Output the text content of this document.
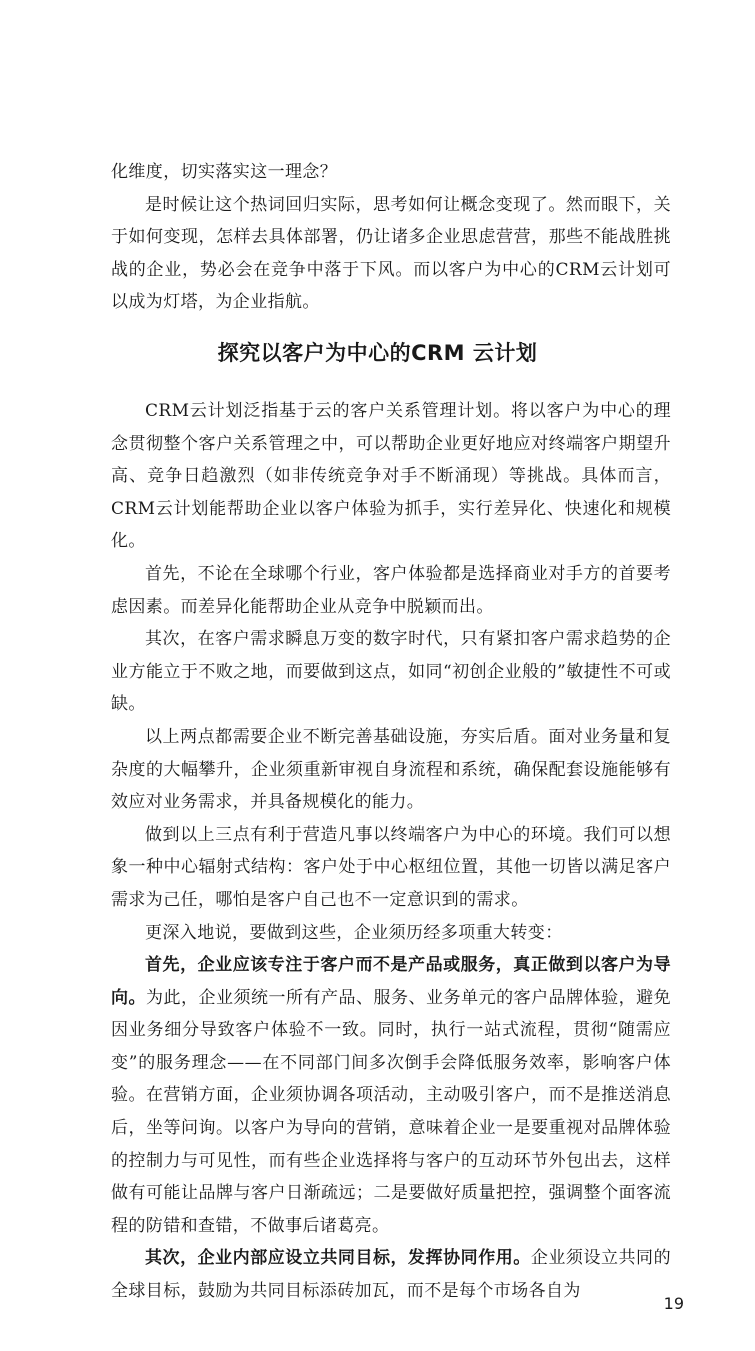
化维度，切实落实这一理念？

是时候让这个热词回归实际，思考如何让概念变现了。然而眼下，关于如何变现，怎样去具体部署，仍让诸多企业思虑营营，那些不能战胜挑战的企业，势必会在竞争中落于下风。而以客户为中心的CRM云计划可以成为灯塔，为企业指航。

探究以客户为中心的CRM 云计划

CRM云计划泛指基于云的客户关系管理计划。将以客户为中心的理念贯彻整个客户关系管理之中，可以帮助企业更好地应对终端客户期望升高、竞争日趋激烈（如非传统竞争对手不断涌现）等挑战。具体而言，CRM云计划能帮助企业以客户体验为抓手，实行差异化、快速化和规模化。

首先，不论在全球哪个行业，客户体验都是选择商业对手方的首要考虑因素。而差异化能帮助企业从竞争中脱颖而出。

其次，在客户需求瞬息万变的数字时代，只有紧扣客户需求趋势的企业方能立于不败之地，而要做到这点，如同“初创企业般的”敏捷性不可或缺。

以上两点都需要企业不断完善基础设施，夯实后盾。面对业务量和复杂度的大幅攀升，企业须重新审视自身流程和系统，确保配套设施能够有效应对业务需求，并具备规模化的能力。

做到以上三点有利于营造凡事以终端客户为中心的环境。我们可以想象一种中心辐射式结构：客户处于中心枢纽位置，其他一切皆以满足客户需求为己任，哪怕是客户自己也不一定意识到的需求。

更深入地说，要做到这些，企业须历经多项重大转变：

首先，企业应该专注于客户而不是产品或服务，真正做到以客户为导向。为此，企业须统一所有产品、服务、业务单元的客户品牌体验，避免因业务细分导致客户体验不一致。同时，执行一站式流程，贯彻“随需应变”的服务理念——在不同部门间多次倒手会降低服务效率，影响客户体验。在营销方面，企业须协调各项活动，主动吸引客户，而不是推送消息后，坐等问询。以客户为导向的营销，意味着企业一是要重视对品牌体验的控制力与可见性，而有些企业选择将与客户的互动环节外包出去，这样做有可能让品牌与客户日渐疏远；二是要做好质量把控，强调整个面客流程的防错和查错，不做事后诸葛亮。

其次，企业内部应设立共同目标，发挥协同作用。企业须设立共同的全球目标，鼓励为共同目标添砖加瓦，而不是每个市场各自为

19
